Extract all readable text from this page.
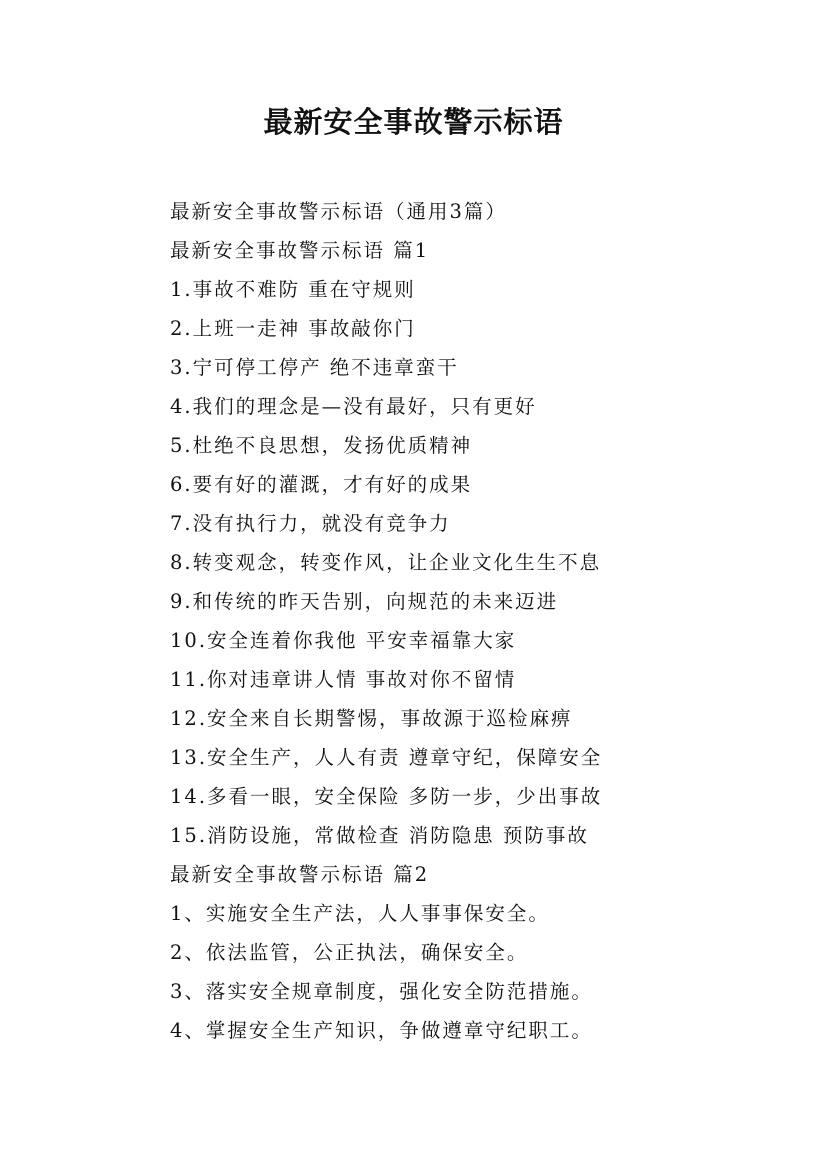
最新安全事故警示标语
最新安全事故警示标语（通用3篇）
最新安全事故警示标语 篇1
1.事故不难防 重在守规则
2.上班一走神 事故敲你门
3.宁可停工停产 绝不违章蛮干
4.我们的理念是—没有最好，只有更好
5.杜绝不良思想，发扬优质精神
6.要有好的灌溉，才有好的成果
7.没有执行力，就没有竞争力
8.转变观念，转变作风，让企业文化生生不息
9.和传统的昨天告别，向规范的未来迈进
10.安全连着你我他 平安幸福靠大家
11.你对违章讲人情 事故对你不留情
12.安全来自长期警惕，事故源于巡检麻痹
13.安全生产，人人有责 遵章守纪，保障安全
14.多看一眼，安全保险 多防一步，少出事故
15.消防设施，常做检查 消防隐患 预防事故
最新安全事故警示标语 篇2
1、实施安全生产法，人人事事保安全。
2、依法监管，公正执法，确保安全。
3、落实安全规章制度，强化安全防范措施。
4、掌握安全生产知识，争做遵章守纪职工。
